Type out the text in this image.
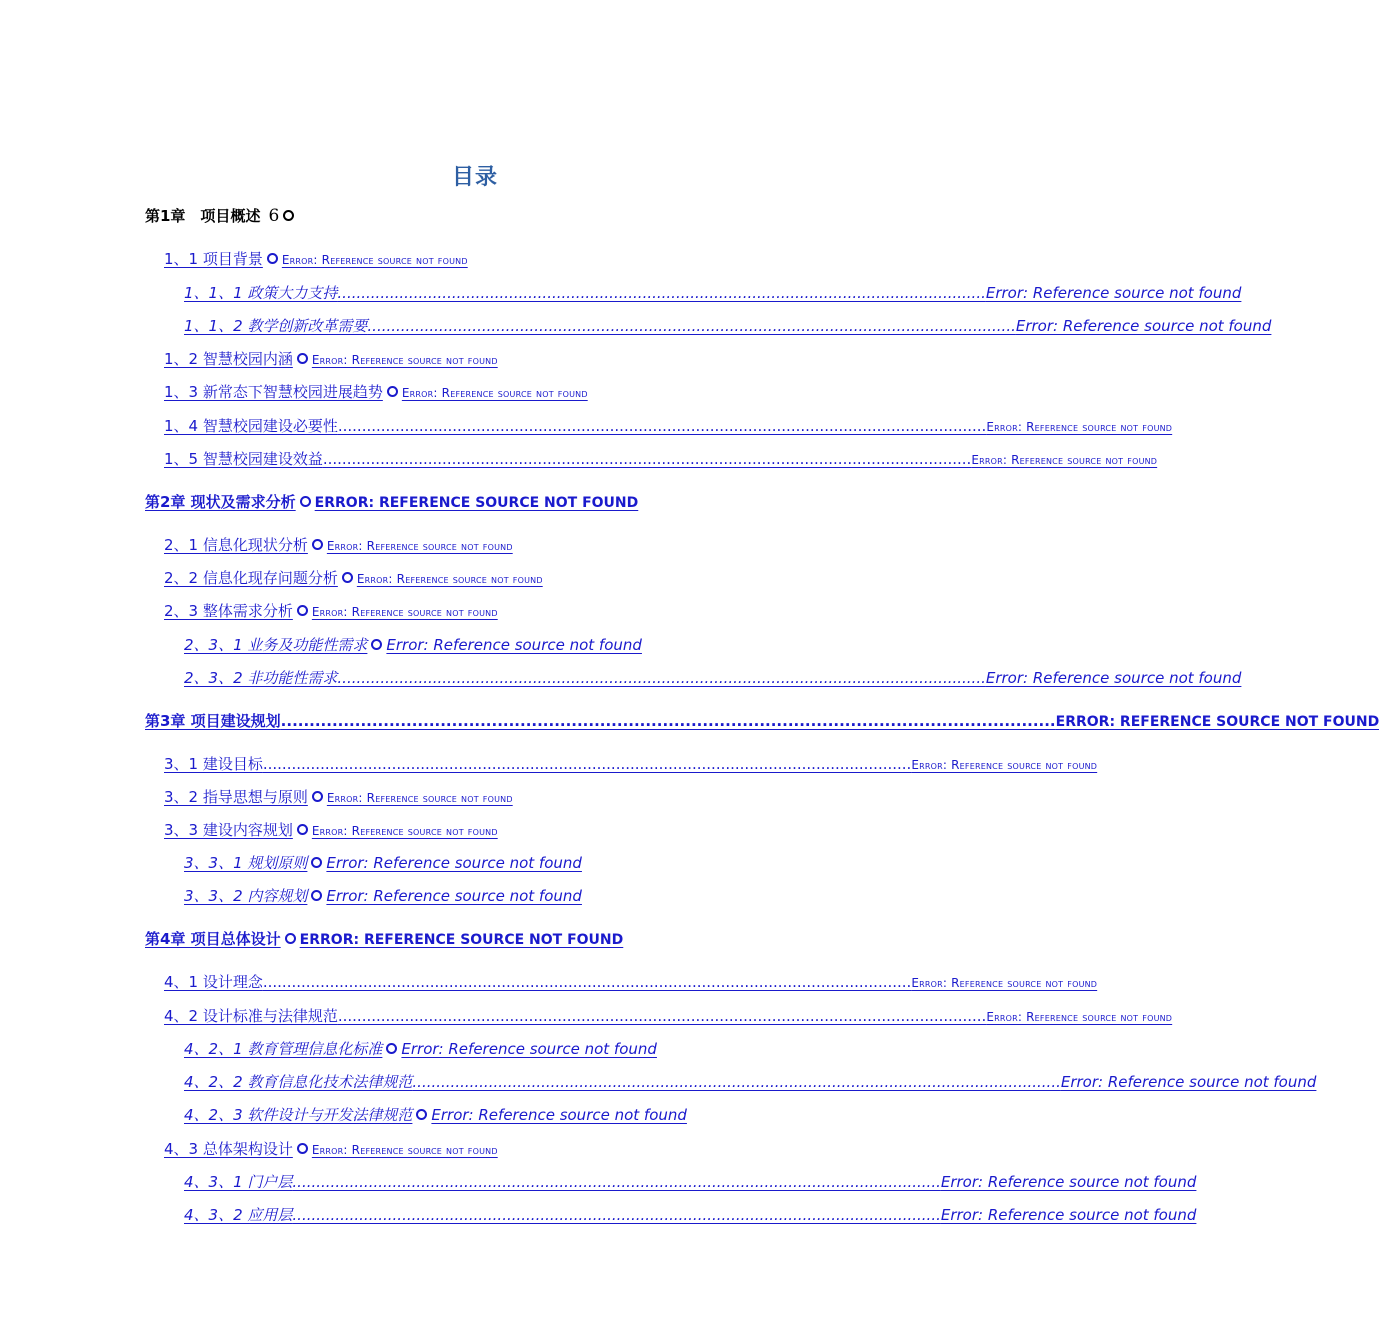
目录
第1章　项目概述 6
1、1 项目背景 Error: Reference source not found
1、1、1 政策大力支持 ........................................................................................................................................ Error: Reference source not found
1、1、2 教学创新改革需要 ........................................................................................................................................ Error: Reference source not found
1、2 智慧校园内涵 Error: Reference source not found
1、3 新常态下智慧校园进展趋势 Error: Reference source not found
1、4 智慧校园建设必要性 ........................................................................................................................................ Error: Reference source not found
1、5 智慧校园建设效益 ........................................................................................................................................ Error: Reference source not found
第2章 现状及需求分析 ERROR: REFERENCE SOURCE NOT FOUND
2、1 信息化现状分析 Error: Reference source not found
2、2 信息化现存问题分析 Error: Reference source not found
2、3 整体需求分析 Error: Reference source not found
2、3、1 业务及功能性需求 Error: Reference source not found
2、3、2 非功能性需求 ........................................................................................................................................ Error: Reference source not found
第3章 项目建设规划 ........................................................................................................................................ ERROR: REFERENCE SOURCE NOT FOUND
3、1 建设目标 ........................................................................................................................................ Error: Reference source not found
3、2 指导思想与原则 Error: Reference source not found
3、3 建设内容规划 Error: Reference source not found
3、3、1 规划原则 Error: Reference source not found
3、3、2 内容规划 Error: Reference source not found
第4章 项目总体设计 ERROR: REFERENCE SOURCE NOT FOUND
4、1 设计理念 ........................................................................................................................................ Error: Reference source not found
4、2 设计标准与法律规范 ........................................................................................................................................ Error: Reference source not found
4、2、1 教育管理信息化标准 Error: Reference source not found
4、2、2 教育信息化技术法律规范 ........................................................................................................................................ Error: Reference source not found
4、2、3 软件设计与开发法律规范 Error: Reference source not found
4、3 总体架构设计 Error: Reference source not found
4、3、1 门户层 ........................................................................................................................................ Error: Reference source not found
4、3、2 应用层 ........................................................................................................................................ Error: Reference source not found
